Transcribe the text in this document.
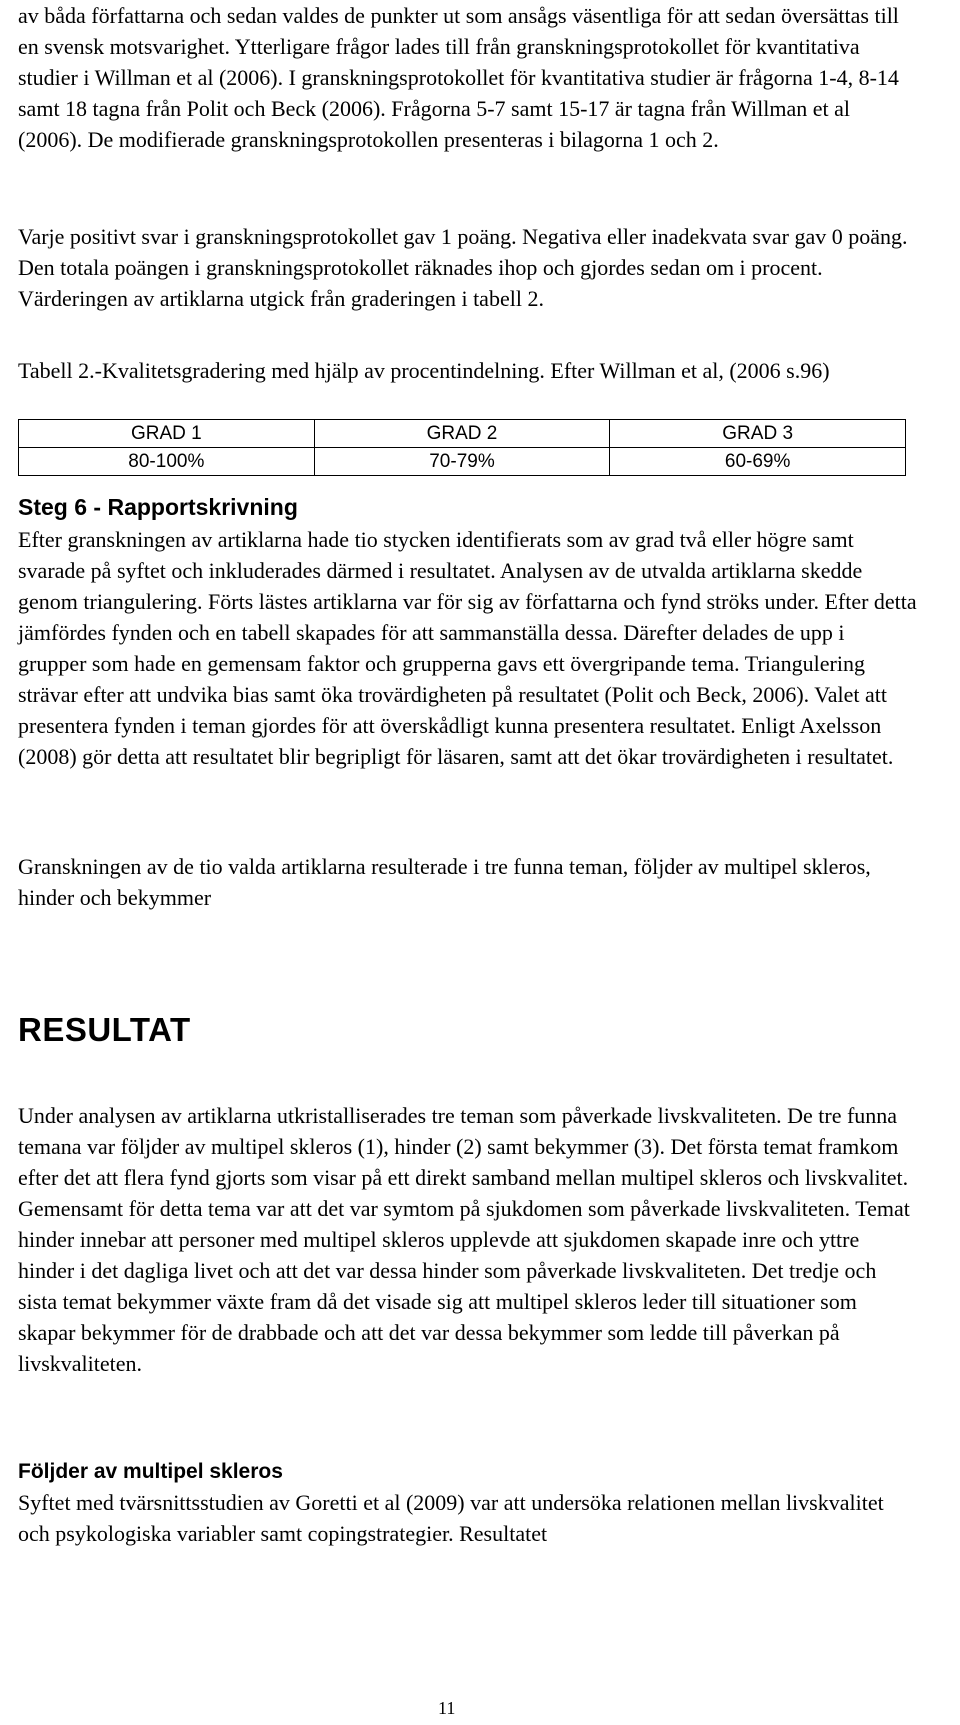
av båda författarna och sedan valdes de punkter ut som ansågs väsentliga för att sedan översättas till en svensk motsvarighet. Ytterligare frågor lades till från granskningsprotokollet för kvantitativa studier i Willman et al (2006). I granskningsprotokollet för kvantitativa studier är frågorna 1-4, 8-14 samt 18 tagna från Polit och Beck (2006). Frågorna 5-7 samt 15-17 är tagna från Willman et al (2006). De modifierade granskningsprotokollen presenteras i bilagorna 1 och 2.

Varje positivt svar i granskningsprotokollet gav 1 poäng. Negativa eller inadekvata svar gav 0 poäng. Den totala poängen i granskningsprotokollet räknades ihop och gjordes sedan om i procent. Värderingen av artiklarna utgick från graderingen i tabell 2.

Tabell 2.-Kvalitetsgradering med hjälp av procentindelning. Efter Willman et al, (2006 s.96)

GRAD 1	GRAD 2	GRAD 3
80-100%	70-79%	60-69%
Steg 6 - Rapportskrivning

Efter granskningen av artiklarna hade tio stycken identifierats som av grad två eller högre samt svarade på syftet och inkluderades därmed i resultatet. Analysen av de utvalda artiklarna skedde genom triangulering. Förts lästes artiklarna var för sig av författarna och fynd ströks under. Efter detta jämfördes fynden och en tabell skapades för att sammanställa dessa. Därefter delades de upp i grupper som hade en gemensam faktor och grupperna gavs ett övergripande tema. Triangulering strävar efter att undvika bias samt öka trovärdigheten på resultatet (Polit och Beck, 2006). Valet att presentera fynden i teman gjordes för att överskådligt kunna presentera resultatet. Enligt Axelsson (2008) gör detta att resultatet blir begripligt för läsaren, samt att det ökar trovärdigheten i resultatet.

Granskningen av de tio valda artiklarna resulterade i tre funna teman, följder av multipel skleros, hinder och bekymmer

RESULTAT

Under analysen av artiklarna utkristalliserades tre teman som påverkade livskvaliteten. De tre funna temana var följder av multipel skleros (1), hinder (2) samt bekymmer (3). Det första temat framkom efter det att flera fynd gjorts som visar på ett direkt samband mellan multipel skleros och livskvalitet. Gemensamt för detta tema var att det var symtom på sjukdomen som påverkade livskvaliteten. Temat hinder innebar att personer med multipel skleros upplevde att sjukdomen skapade inre och yttre hinder i det dagliga livet och att det var dessa hinder som påverkade livskvaliteten. Det tredje och sista temat bekymmer växte fram då det visade sig att multipel skleros leder till situationer som skapar bekymmer för de drabbade och att det var dessa bekymmer som ledde till påverkan på livskvaliteten.

Följder av multipel skleros

Syftet med tvärsnittsstudien av Goretti et al (2009) var att undersöka relationen mellan livskvalitet och psykologiska variabler samt copingstrategier. Resultatet

11
